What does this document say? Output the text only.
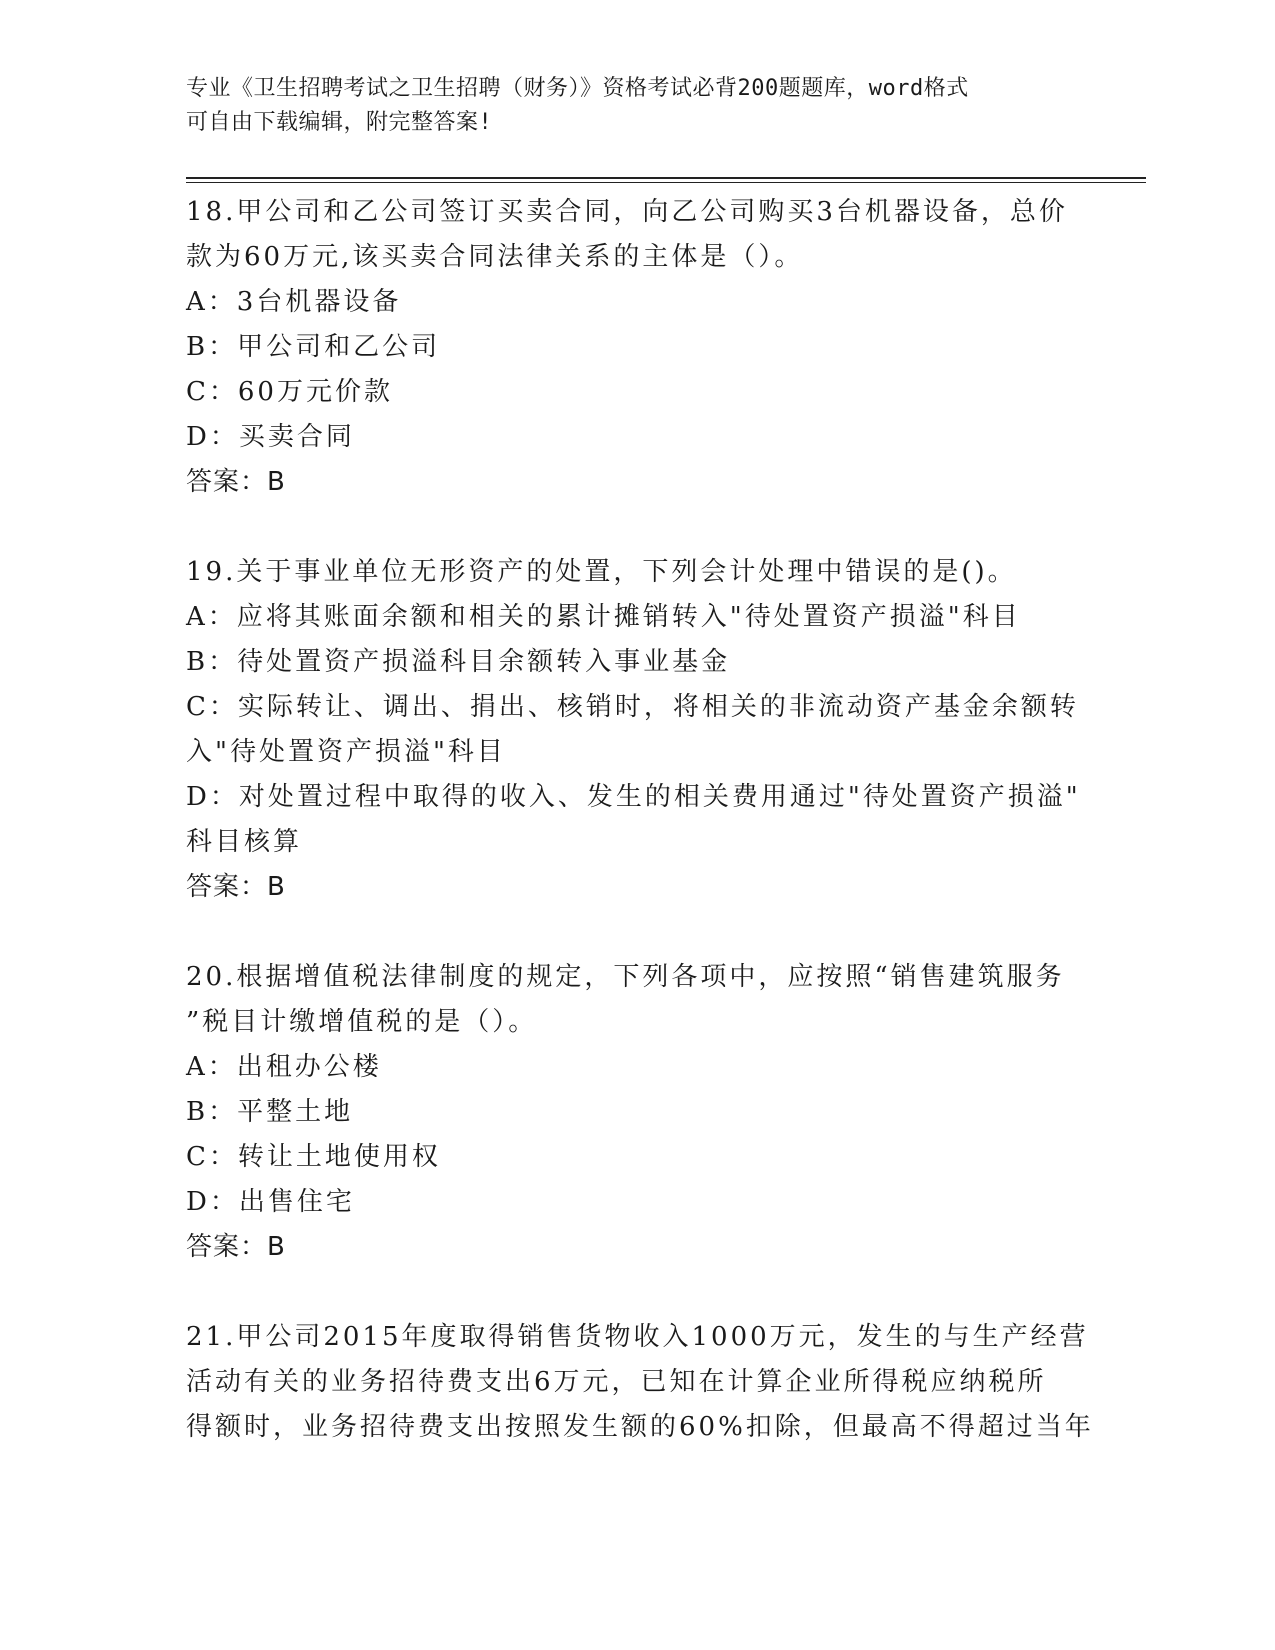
专业《卫生招聘考试之卫生招聘（财务）》资格考试必背200题题库，word格式
可自由下载编辑，附完整答案!

18.甲公司和乙公司签订买卖合同，向乙公司购买3台机器设备，总价

款为60万元,该买卖合同法律关系的主体是（）。

A：3台机器设备

B：甲公司和乙公司

C：60万元价款

D：买卖合同

答案：B

19.关于事业单位无形资产的处置，下列会计处理中错误的是()。

A：应将其账面余额和相关的累计摊销转入"待处置资产损溢"科目

B：待处置资产损溢科目余额转入事业基金

C：实际转让、调出、捐出、核销时，将相关的非流动资产基金余额转

入"待处置资产损溢"科目

D：对处置过程中取得的收入、发生的相关费用通过"待处置资产损溢"

科目核算

答案：B

20.根据增值税法律制度的规定，下列各项中，应按照“销售建筑服务

”税目计缴增值税的是（）。

A：出租办公楼

B：平整土地

C：转让土地使用权

D：出售住宅

答案：B

21.甲公司2015年度取得销售货物收入1000万元，发生的与生产经营

活动有关的业务招待费支出6万元，已知在计算企业所得税应纳税所

得额时，业务招待费支出按照发生额的60%扣除，但最高不得超过当年
